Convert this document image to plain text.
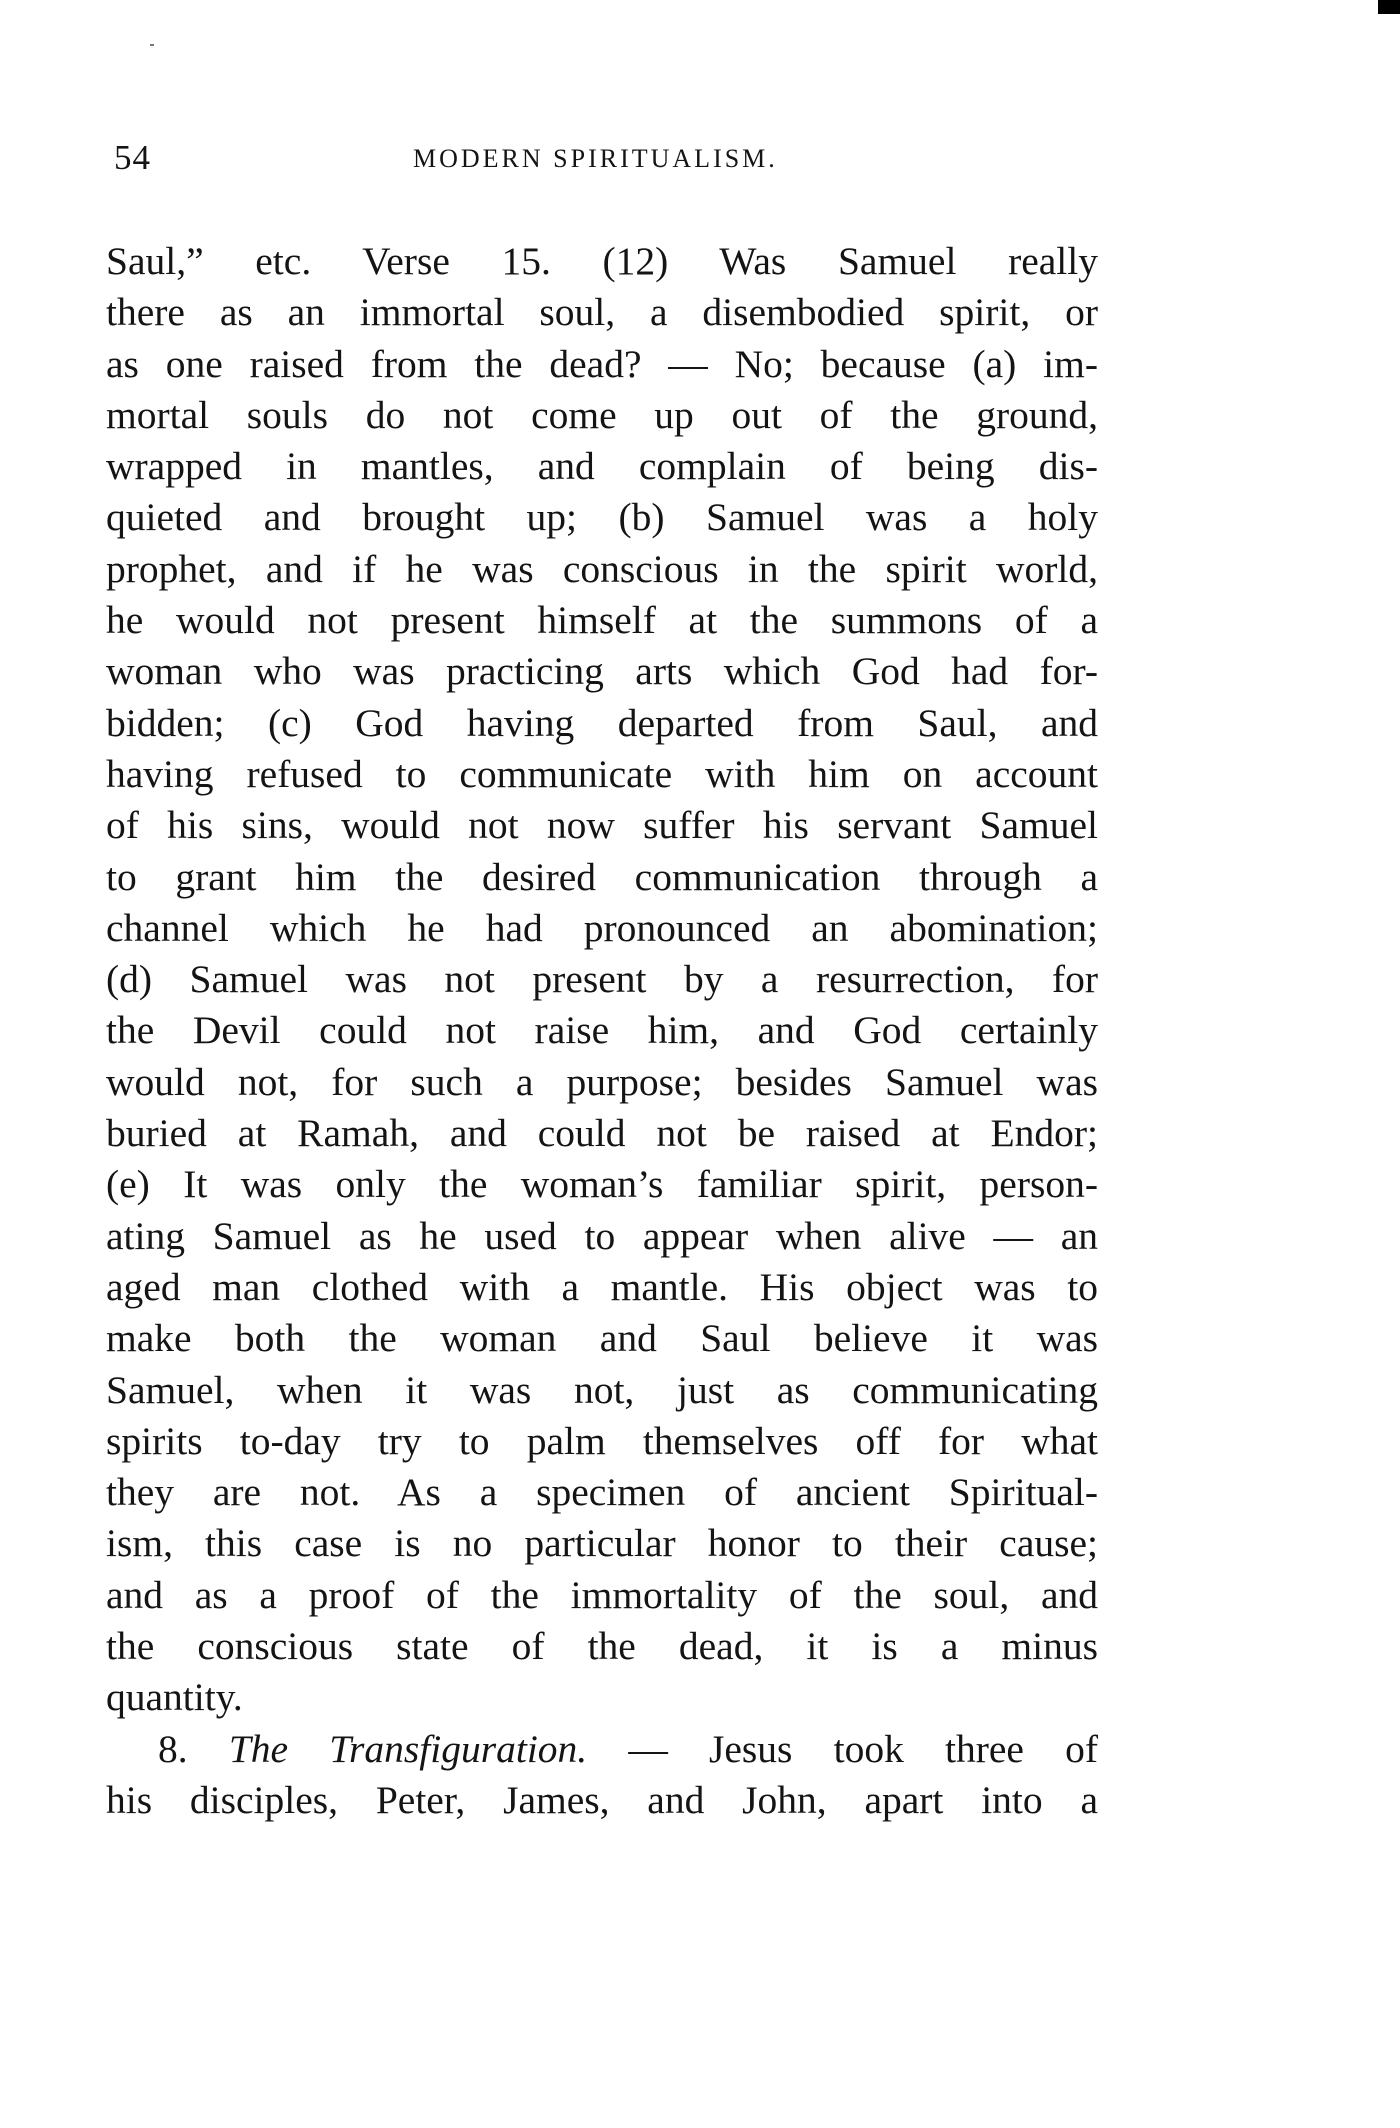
54	MODERN SPIRITUALISM.
Saul,” etc. Verse 15. (12) Was Samuel really
there as an immortal soul, a disembodied spirit, or
as one raised from the dead? — No; because (a) im-
mortal souls do not come up out of the ground,
wrapped in mantles, and complain of being dis-
quieted and brought up; (b) Samuel was a holy
prophet, and if he was conscious in the spirit world,
he would not present himself at the summons of a
woman who was practicing arts which God had for-
bidden; (c) God having departed from Saul, and
having refused to communicate with him on account
of his sins, would not now suffer his servant Samuel
to grant him the desired communication through a
channel which he had pronounced an abomination;
(d) Samuel was not present by a resurrection, for
the Devil could not raise him, and God certainly
would not, for such a purpose; besides Samuel was
buried at Ramah, and could not be raised at Endor;
(e) It was only the woman’s familiar spirit, person-
ating Samuel as he used to appear when alive — an
aged man clothed with a mantle. His object was to
make both the woman and Saul believe it was
Samuel, when it was not, just as communicating
spirits to-day try to palm themselves off for what
they are not. As a specimen of ancient Spiritual-
ism, this case is no particular honor to their cause;
and as a proof of the immortality of the soul, and
the conscious state of the dead, it is a minus
quantity.
8. The Transfiguration. — Jesus took three of
his disciples, Peter, James, and John, apart into a
